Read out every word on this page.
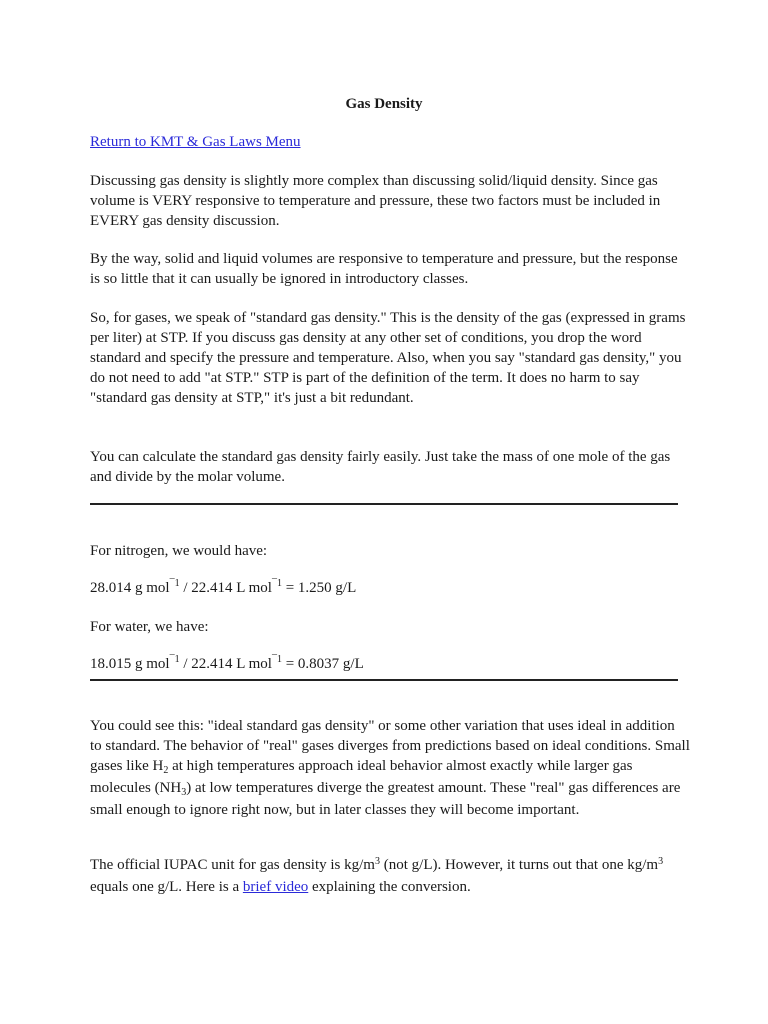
Gas Density
Return to KMT & Gas Laws Menu

Discussing gas density is slightly more complex than discussing solid/liquid density. Since gas volume is VERY responsive to temperature and pressure, these two factors must be included in EVERY gas density discussion.

By the way, solid and liquid volumes are responsive to temperature and pressure, but the response is so little that it can usually be ignored in introductory classes.

So, for gases, we speak of "standard gas density." This is the density of the gas (expressed in grams per liter) at STP. If you discuss gas density at any other set of conditions, you drop the word standard and specify the pressure and temperature. Also, when you say "standard gas density," you do not need to add "at STP." STP is part of the definition of the term. It does no harm to say "standard gas density at STP," it's just a bit redundant.

You can calculate the standard gas density fairly easily. Just take the mass of one mole of the gas and divide by the molar volume.

For nitrogen, we would have:

28.014 g mol$^{¯1}$ / 22.414 L mol$^{¯1}$ = 1.250 g/L

For water, we have:

18.015 g mol$^{¯1}$ / 22.414 L mol$^{¯1}$ = 0.8037 g/L

You could see this: "ideal standard gas density" or some other variation that uses ideal in addition to standard. The behavior of "real" gases diverges from predictions based on ideal conditions. Small gases like $H_2$ at high temperatures approach ideal behavior almost exactly while larger gas molecules $(NH_3)$ at low temperatures diverge the greatest amount. These "real" gas differences are small enough to ignore right now, but in later classes they will become important.

The official IUPAC unit for gas density is $kg/m^3$ (not g/L). However, it turns out that one $kg/m^3$ equals one g/L. Here is a brief video explaining the conversion.
